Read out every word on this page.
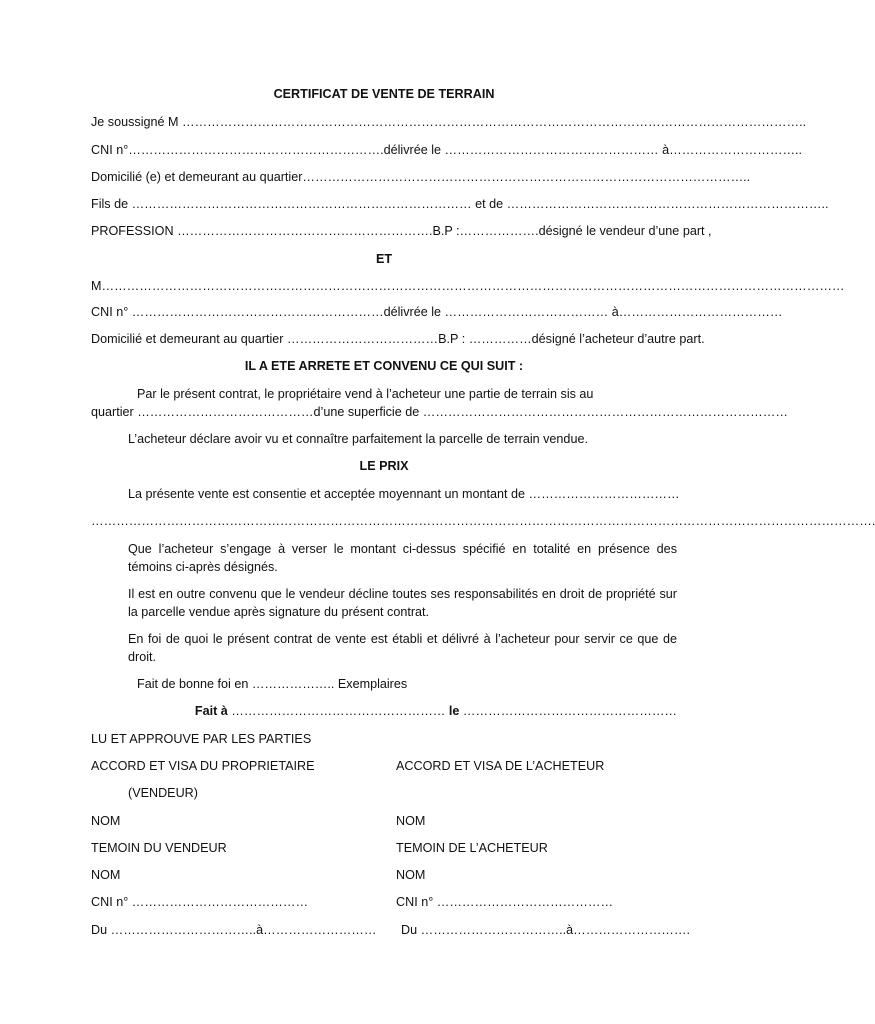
CERTIFICAT DE VENTE DE TERRAIN
Je soussigné M …………………………………………………………………………………………………………………………………..
CNI n°…………………………………………………….délivrée le …………………………………………… à…………………………..
Domicilié (e) et demeurant au quartier……………………………………………………………………………………………..
Fils de ……………………………………………………………………… et de …………………………………………………………………..
PROFESSION …………………………………………………….B.P :……………….désigné le vendeur d’une part ,
ET
M……………………………………………………………………………………………………………………………………………………………
CNI n° ……………………………………………………délivrée le ………………………………… à…………………………………
Domicilié et demeurant au quartier ………………………………B.P : ……………désigné l’acheteur d’autre part.
IL A ETE ARRETE ET CONVENU CE QUI SUIT :
Par le présent contrat, le propriétaire vend à l’acheteur une partie de terrain sis au
quartier ……………………………………d’une superficie de ……………………………………………………………………………
L’acheteur déclare avoir vu et connaître parfaitement la parcelle de terrain vendue.
LE PRIX
La présente vente est consentie et acceptée moyennant un montant de ………………………………
…………………………………………………………………………………………………………………………………………………………………….
Que l’acheteur s’engage à verser le montant ci-dessus spécifié en totalité en présence des témoins ci-après désignés.
Il est en outre convenu que le vendeur décline toutes ses responsabilités en droit de propriété sur la parcelle vendue après signature du présent contrat.
En foi de quoi le présent contrat de vente est établi et délivré à l’acheteur pour servir ce que de droit.
Fait de bonne foi en ……………….. Exemplaires
Fait à …………………………………………… le ……………………………………………
LU ET APPROUVE PAR LES PARTIES
ACCORD ET VISA DU PROPRIETAIRE	ACCORD ET VISA DE L’ACHETEUR
(VENDEUR)
NOM	NOM
TEMOIN DU VENDEUR	TEMOIN DE L’ACHETEUR
NOM	NOM
CNI n° ……………………………………	CNI n° ……………………………………
Du ……………………………..à………………………	Du ……………………………..à……………………….
